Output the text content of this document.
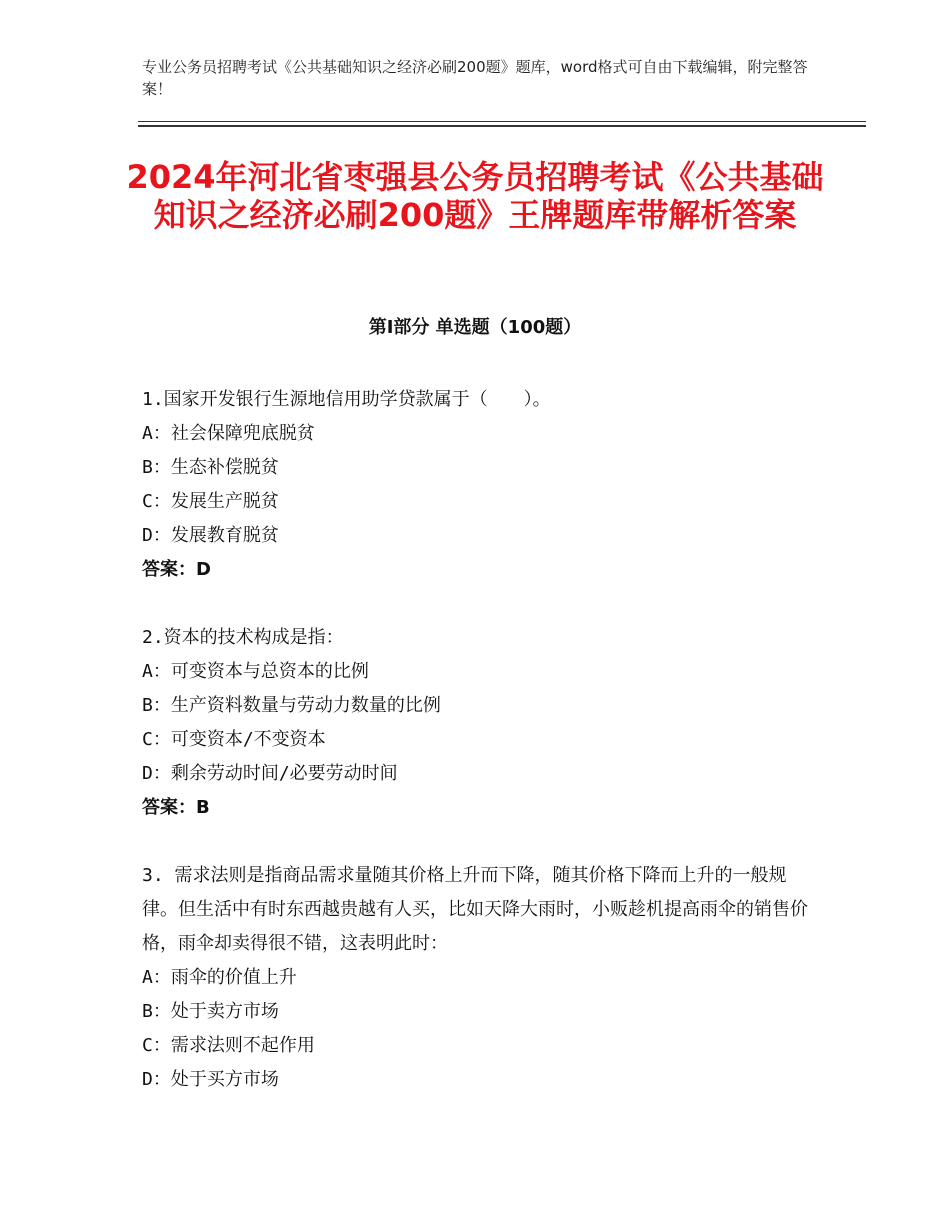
专业公务员招聘考试《公共基础知识之经济必刷200题》题库，word格式可自由下载编辑，附完整答案！
2024年河北省枣强县公务员招聘考试《公共基础知识之经济必刷200题》王牌题库带解析答案
第I部分 单选题（100题）

1.国家开发银行生源地信用助学贷款属于（　　）。

A：社会保障兜底脱贫

B：生态补偿脱贫

C：发展生产脱贫

D：发展教育脱贫

答案：D

2.资本的技术构成是指：

A：可变资本与总资本的比例

B：生产资料数量与劳动力数量的比例

C：可变资本/不变资本

D：剩余劳动时间/必要劳动时间

答案：B

3. 需求法则是指商品需求量随其价格上升而下降，随其价格下降而上升的一般规律。但生活中有时东西越贵越有人买，比如天降大雨时，小贩趁机提高雨伞的销售价格，雨伞却卖得很不错，这表明此时：

A：雨伞的价值上升

B：处于卖方市场

C：需求法则不起作用

D：处于买方市场
